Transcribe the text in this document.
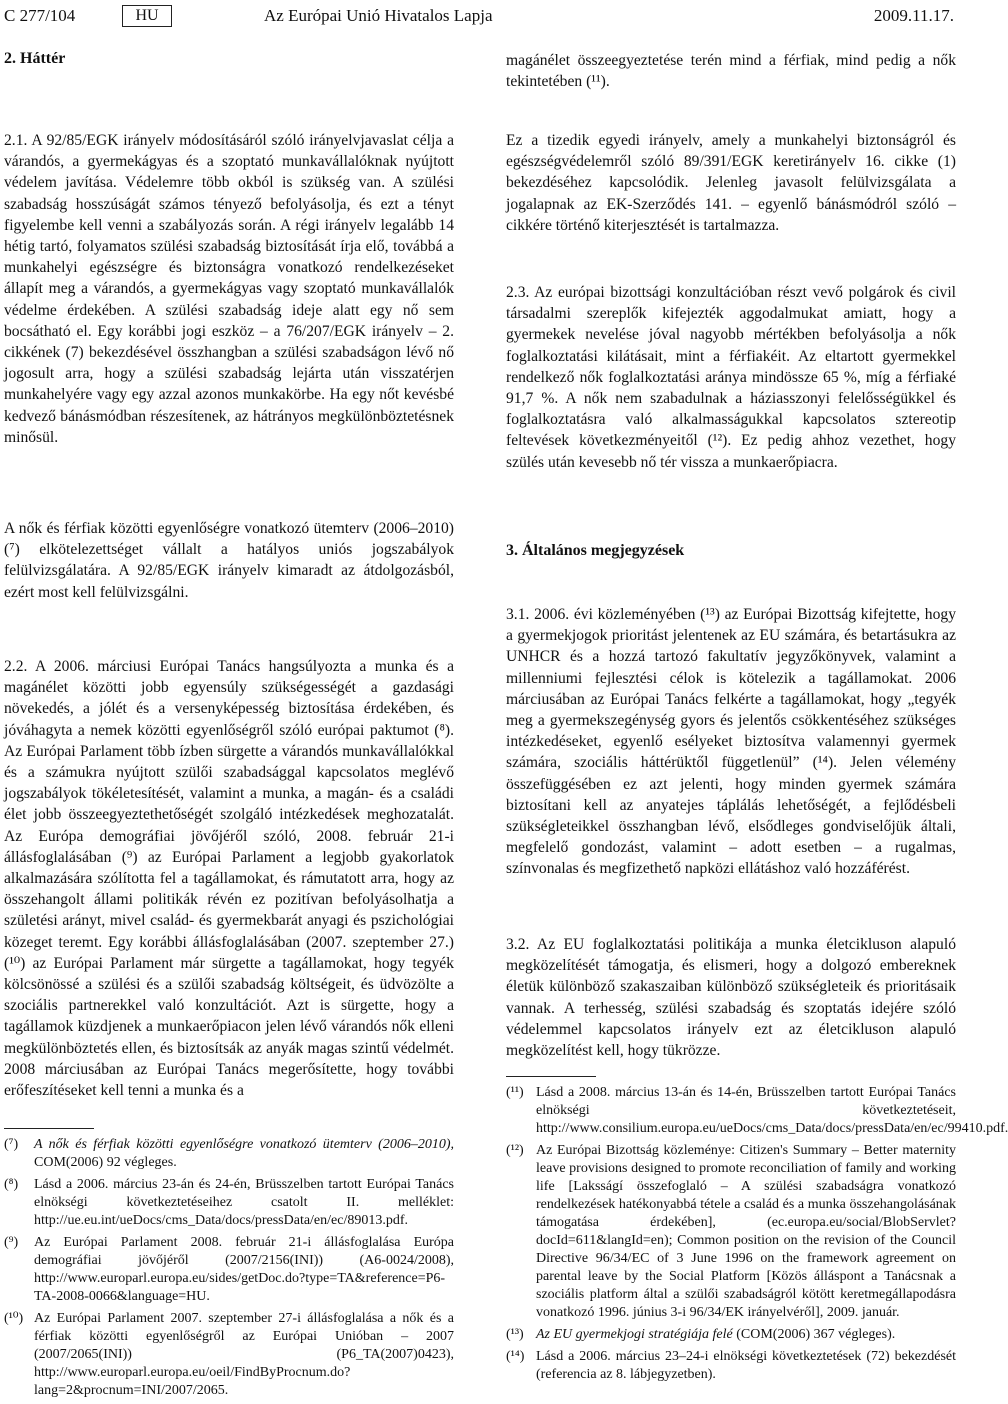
C 277/104	HU	Az Európai Unió Hivatalos Lapja	2009.11.17.
2. Háttér

2.1. A 92/85/EGK irányelv módosításáról szóló irányelvjavaslat célja a várandós, a gyermekágyas és a szoptató munkavállalóknak nyújtott védelem javítása. Védelemre több okból is szükség van. A szülési szabadság hosszúságát számos tényező befolyásolja, és ezt a tényt figyelembe kell venni a szabályozás során. A régi irányelv legalább 14 hétig tartó, folyamatos szülési szabadság biztosítását írja elő, továbbá a munkahelyi egészségre és biztonságra vonatkozó rendelkezéseket állapít meg a várandós, a gyermekágyas vagy szoptató munkavállalók védelme érdekében. A szülési szabadság ideje alatt egy nő sem bocsátható el. Egy korábbi jogi eszköz – a 76/207/EGK irányelv – 2. cikkének (7) bekezdésével összhangban a szülési szabadságon lévő nő jogosult arra, hogy a szülési szabadság lejárta után visszatérjen munkahelyére vagy egy azzal azonos munkakörbe. Ha egy nőt kevésbé kedvező bánásmódban részesítenek, az hátrányos megkülönböztetésnek minősül.

A nők és férfiak közötti egyenlőségre vonatkozó ütemterv (2006–2010) (⁷) elkötelezettséget vállalt a hatályos uniós jogszabályok felülvizsgálatára. A 92/85/EGK irányelv kimaradt az átdolgozásból, ezért most kell felülvizsgálni.

2.2. A 2006. márciusi Európai Tanács hangsúlyozta a munka és a magánélet közötti jobb egyensúly szükségességét a gazdasági növekedés, a jólét és a versenyképesség biztosítása érdekében, és jóváhagyta a nemek közötti egyenlőségről szóló európai paktumot (⁸). Az Európai Parlament több ízben sürgette a várandós munkavállalókkal és a számukra nyújtott szülői szabadsággal kapcsolatos meglévő jogszabályok tökéletesítését, valamint a munka, a magán- és a családi élet jobb összeegyeztethetőségét szolgáló intézkedések meghozatalát. Az Európa demográfiai jövőjéről szóló, 2008. február 21-i állásfoglalásában (⁹) az Európai Parlament a legjobb gyakorlatok alkalmazására szólította fel a tagállamokat, és rámutatott arra, hogy az összehangolt állami politikák révén ez pozitívan befolyásolhatja a születési arányt, mivel család- és gyermekbarát anyagi és pszichológiai közeget teremt. Egy korábbi állásfoglalásában (2007. szeptember 27.) (¹⁰) az Európai Parlament már sürgette a tagállamokat, hogy tegyék kölcsönössé a szülési és a szülői szabadság költségeit, és üdvözölte a szociális partnerekkel való konzultációt. Azt is sürgette, hogy a tagállamok küzdjenek a munkaerőpiacon jelen lévő várandós nők elleni megkülönböztetés ellen, és biztosítsák az anyák magas szintű védelmét. 2008 márciusában az Európai Tanács megerősítette, hogy további erőfeszítéseket kell tenni a munka és a

(⁷) A nők és férfiak közötti egyenlőségre vonatkozó ütemterv (2006–2010), COM(2006) 92 végleges.
(⁸) Lásd a 2006. március 23-án és 24-én, Brüsszelben tartott Európai Tanács elnökségi következtetéseihez csatolt II. melléklet: http://ue.eu.int/ueDocs/cms_Data/docs/pressData/en/ec/89013.pdf.
(⁹) Az Európai Parlament 2008. február 21-i állásfoglalása Európa demográfiai jövőjéről (2007/2156(INI)) (A6-0024/2008), http://www.europarl.europa.eu/sides/getDoc.do?type=TA&reference=P6-TA-2008-0066&language=HU.
(¹⁰) Az Európai Parlament 2007. szeptember 27-i állásfoglalása a nők és a férfiak közötti egyenlőségről az Európai Unióban – 2007 (2007/2065(INI)) (P6_TA(2007)0423), http://www.europarl.europa.eu/oeil/FindByProcnum.do?lang=2&procnum=INI/2007/2065.

magánélet összeegyeztetése terén mind a férfiak, mind pedig a nők tekintetében (¹¹).

Ez a tizedik egyedi irányelv, amely a munkahelyi biztonságról és egészségvédelemről szóló 89/391/EGK keretirányelv 16. cikke (1) bekezdéséhez kapcsolódik. Jelenleg javasolt felülvizsgálata a jogalapnak az EK-Szerződés 141. – egyenlő bánásmódról szóló – cikkére történő kiterjesztését is tartalmazza.

2.3. Az európai bizottsági konzultációban részt vevő polgárok és civil társadalmi szereplők kifejezték aggodalmukat amiatt, hogy a gyermekek nevelése jóval nagyobb mértékben befolyásolja a nők foglalkoztatási kilátásait, mint a férfiakéit. Az eltartott gyermekkel rendelkező nők foglalkoztatási aránya mindössze 65 %, míg a férfiaké 91,7 %. A nők nem szabadulnak a háziasszonyi felelősségükkel és foglalkoztatásra való alkalmasságukkal kapcsolatos sztereotip feltevések következményeitől (¹²). Ez pedig ahhoz vezethet, hogy szülés után kevesebb nő tér vissza a munkaerőpiacra.

3. Általános megjegyzések

3.1. 2006. évi közleményében (¹³) az Európai Bizottság kifejtette, hogy a gyermekjogok prioritást jelentenek az EU számára, és betartásukra az UNHCR és a hozzá tartozó fakultatív jegyzőkönyvek, valamint a millenniumi fejlesztési célok is kötelezik a tagállamokat. 2006 márciusában az Európai Tanács felkérte a tagállamokat, hogy „tegyék meg a gyermekszegénység gyors és jelentős csökkentéséhez szükséges intézkedéseket, egyenlő esélyeket biztosítva valamennyi gyermek számára, szociális háttérüktől függetlenül” (¹⁴). Jelen vélemény összefüggésében ez azt jelenti, hogy minden gyermek számára biztosítani kell az anyatejes táplálás lehetőségét, a fejlődésbeli szükségleteikkel összhangban lévő, elsődleges gondviselőjük általi, megfelelő gondozást, valamint – adott esetben – a rugalmas, színvonalas és megfizethető napközi ellátáshoz való hozzáférést.

3.2. Az EU foglalkoztatási politikája a munka életcikluson alapuló megközelítését támogatja, és elismeri, hogy a dolgozó embereknek életük különböző szakaszaiban különböző szükségleteik és prioritásaik vannak. A terhesség, szülési szabadság és szoptatás idejére szóló védelemmel kapcsolatos irányelv ezt az életcikluson alapuló megközelítést kell, hogy tükrözze.

(¹¹) Lásd a 2008. március 13-án és 14-én, Brüsszelben tartott Európai Tanács elnökségi következtetéseit, http://www.consilium.europa.eu/ueDocs/cms_Data/docs/pressData/en/ec/99410.pdf.
(¹²) Az Európai Bizottság közleménye: Citizen's Summary – Better maternity leave provisions designed to promote reconciliation of family and working life [Laksságí összefoglaló – A szülési szabadságra vonatkozó rendelkezések hatékonyabbá tétele a család és a munka összehangolásának támogatása érdekében], (ec.europa.eu/social/BlobServlet?docId=611&langId=en); Common position on the revision of the Council Directive 96/34/EC of 3 June 1996 on the framework agreement on parental leave by the Social Platform [Közös álláspont a Tanácsnak a szociális platform által a szülői szabadságról kötött keretmegállapodásra vonatkozó 1996. június 3-i 96/34/EK irányelvéről], 2009. január.
(¹³) Az EU gyermekjogi stratégiája felé (COM(2006) 367 végleges).
(¹⁴) Lásd a 2006. március 23–24-i elnökségi következtetések (72) bekezdését (referencia az 8. lábjegyzetben).
